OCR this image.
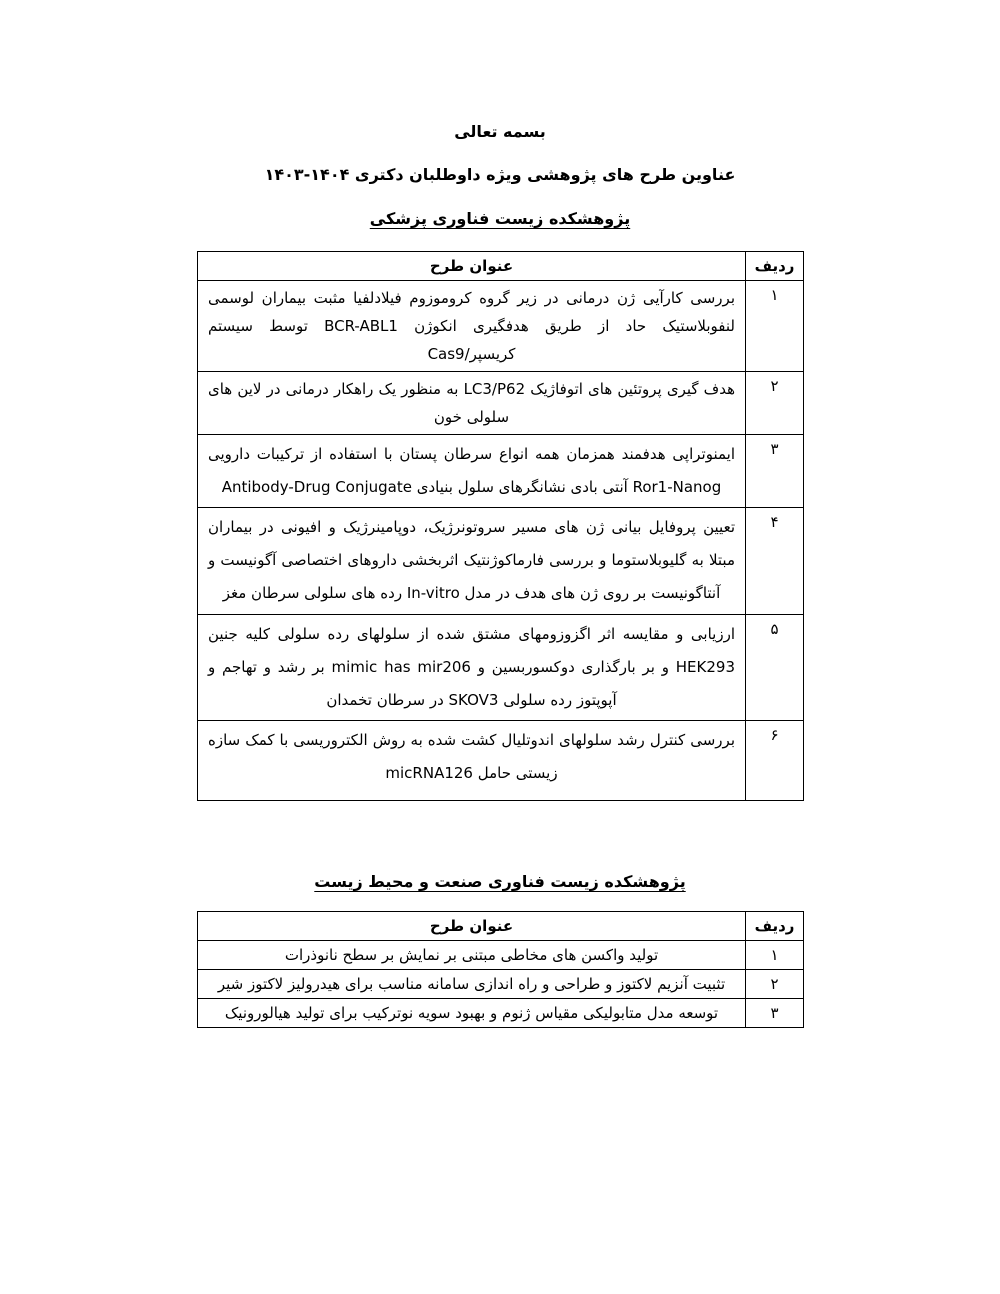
بسمه تعالی

عناوین طرح های پژوهشی ویژه داوطلبان دکتری ۱۴۰۴-۱۴۰۳

پژوهشکده زیست فناوری پزشکی

ردیف	عنوان طرح
۱	بررسی کارآیی ژن درمانی در زیر گروه کروموزوم فیلادلفیا مثبت بیماران لوسمی لنفوبلاستیک حاد از طریق هدفگیری انکوژن BCR-ABL1 توسط سیستم کریسپر/Cas9
۲	هدف گیری پروتئین های اتوفاژیک LC3/P62 به منظور یک راهکار درمانی در لاین های سلولی خون
۳	ایمنوتراپی هدفمند همزمان همه انواع سرطان پستان با استفاده از ترکیبات دارویی Ror1-Nanog آنتی بادی نشانگرهای سلول بنیادی Antibody-Drug Conjugate
۴	تعیین پروفایل بیانی ژن های مسیر سروتونرژیک، دوپامینرژیک و افیونی در بیماران مبتلا به گلیوبلاستوما و بررسی فارماکوژنتیک اثربخشی داروهای اختصاصی آگونیست و آنتاگونیست بر روی ژن های هدف در مدل In-vitro رده های سلولی سرطان مغز
۵	ارزیابی و مقایسه اثر اگزوزومهای مشتق شده از سلولهای رده سلولی کلیه جنین HEK293 و بر بارگذاری دوکسوربسین و mimic has mir206 بر رشد و تهاجم و آپوپتوز رده سلولی SKOV3 در سرطان تخمدان
۶	بررسی کنترل رشد سلولهای اندوتلیال کشت شده به روش الکتروریسی با کمک سازه زیستی حامل micRNA126

پژوهشکده زیست فناوری صنعت و محیط زیست

ردیف	عنوان طرح
۱	تولید واکسن های مخاطی مبتنی بر نمایش بر سطح نانوذرات
۲	تثبیت آنزیم لاکتوز و طراحی و راه اندازی سامانه مناسب برای هیدرولیز لاکتوز شیر
۳	توسعه مدل متابولیکی مقیاس ژنوم و بهبود سویه نوترکیب برای تولید هیالورونیک
